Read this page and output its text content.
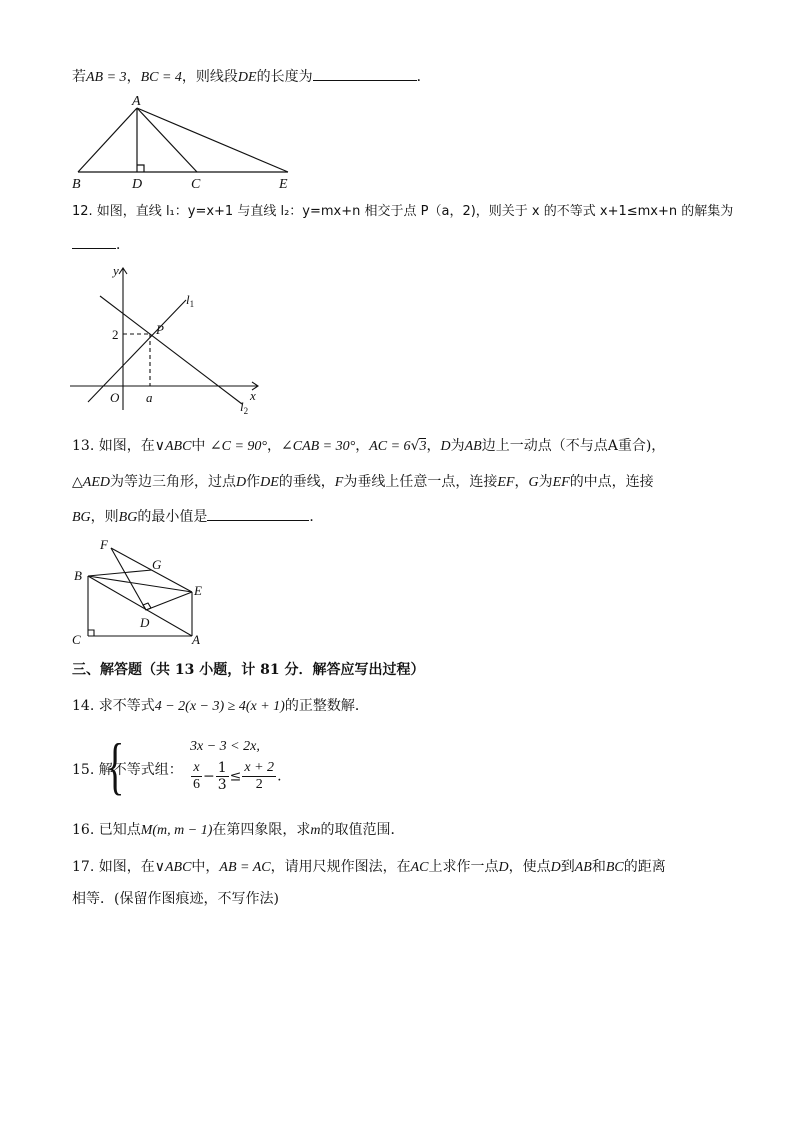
若AB = 3，BC = 4，则线段DE的长度为	．
A
B	D	C	E
12. 如图，直线 l₁：y=x+1 与直线 l₂：y=mx+n 相交于点 P（a，2)，则关于 x 的不等式 x+1≤mx+n 的解集为
．
y
x
O
2
a
P
$l_1$
$l_2$
13. 如图，在∨ABC中 ∠C = 90°，∠CAB = 30°，AC = 6√3，D为AB边上一动点（不与点A重合)，
△AED为等边三角形，过点D作DE的垂线，F为垂线上任意一点，连接EF，G为EF的中点，连接
BG，则BG的最小值是	．
F
G
B
E
D
C	A
三、解答题（共 13 小题，计 81 分．解答应写出过程）
14. 求不等式4 − 2(x − 3) ≥ 4(x + 1)的正整数解．
15. 解不等式组：
{	3x − 3 < 2x,
$\frac{x}{6} - \frac{1}{3} \le \frac{x + 2}{2}$ .
16. 已知点M(m, m − 1)在第四象限，求m的取值范围．
17. 如图，在∨ABC中，AB = AC，请用尺规作图法，在AC上求作一点D，使点D到AB和BC的距离
相等．(保留作图痕迹，不写作法)
